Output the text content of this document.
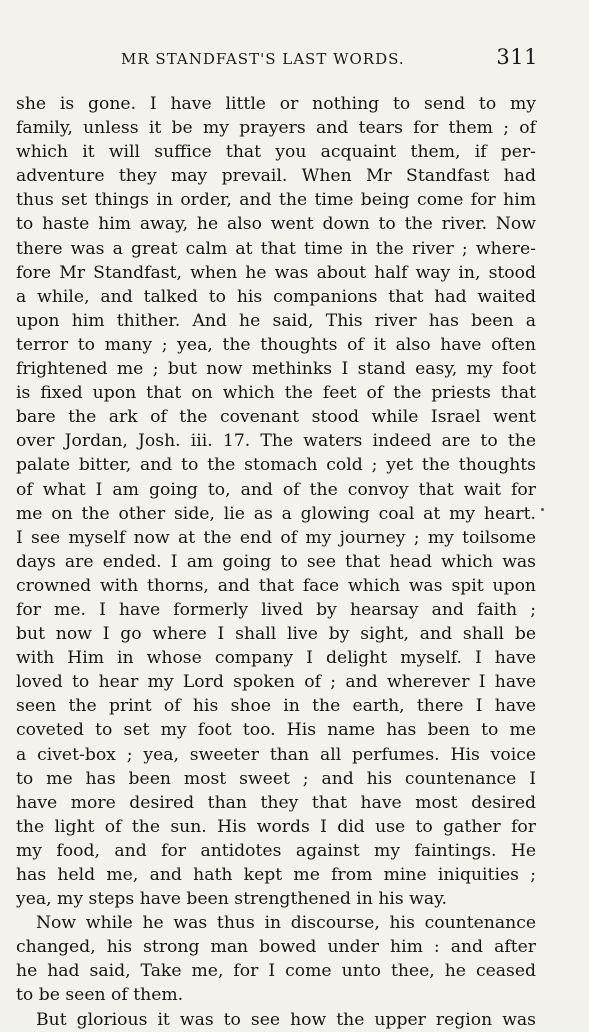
MR STANDFAST'S LAST WORDS.	311
she is gone. I have little or nothing to send to my
family, unless it be my prayers and tears for them ; of
which it will suffice that you acquaint them, if per-
adventure they may prevail. When Mr Standfast had
thus set things in order, and the time being come for him
to haste him away, he also went down to the river. Now
there was a great calm at that time in the river ; where-
fore Mr Standfast, when he was about half way in, stood
a while, and talked to his companions that had waited
upon him thither. And he said, This river has been a
terror to many ; yea, the thoughts of it also have often
frightened me ; but now methinks I stand easy, my foot
is fixed upon that on which the feet of the priests that
bare the ark of the covenant stood while Israel went
over Jordan, Josh. iii. 17. The waters indeed are to the
palate bitter, and to the stomach cold ; yet the thoughts
of what I am going to, and of the convoy that wait for
me on the other side, lie as a glowing coal at my heart.
I see myself now at the end of my journey ; my toilsome
days are ended. I am going to see that head which was
crowned with thorns, and that face which was spit upon
for me. I have formerly lived by hearsay and faith ;
but now I go where I shall live by sight, and shall be
with Him in whose company I delight myself. I have
loved to hear my Lord spoken of ; and wherever I have
seen the print of his shoe in the earth, there I have
coveted to set my foot too. His name has been to me
a civet-box ; yea, sweeter than all perfumes. His voice
to me has been most sweet ; and his countenance I
have more desired than they that have most desired
the light of the sun. His words I did use to gather for
my food, and for antidotes against my faintings. He
has held me, and hath kept me from mine iniquities ;
yea, my steps have been strengthened in his way.
Now while he was thus in discourse, his countenance
changed, his strong man bowed under him : and after
he had said, Take me, for I come unto thee, he ceased
to be seen of them.
But glorious it was to see how the upper region was
